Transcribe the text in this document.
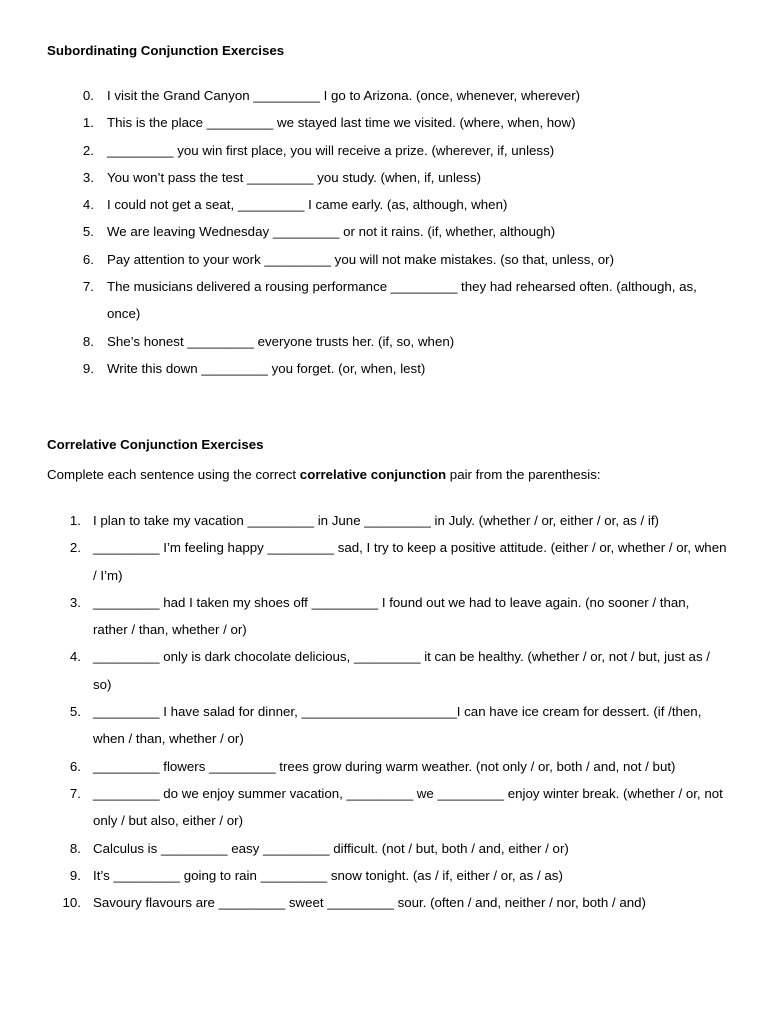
Subordinating Conjunction Exercises
0. I visit the Grand Canyon _________ I go to Arizona. (once, whenever, wherever)
1. This is the place _________ we stayed last time we visited. (where, when, how)
2. _________ you win first place, you will receive a prize. (wherever, if, unless)
3. You won’t pass the test _________ you study. (when, if, unless)
4. I could not get a seat, _________ I came early. (as, although, when)
5. We are leaving Wednesday _________ or not it rains. (if, whether, although)
6. Pay attention to your work _________ you will not make mistakes. (so that, unless, or)
7. The musicians delivered a rousing performance _________ they had rehearsed often. (although, as, once)
8. She’s honest _________ everyone trusts her. (if, so, when)
9. Write this down _________ you forget. (or, when, lest)
Correlative Conjunction Exercises
Complete each sentence using the correct correlative conjunction pair from the parenthesis:
1. I plan to take my vacation _________ in June _________ in July. (whether / or, either / or, as / if)
2. _________ I’m feeling happy _________ sad, I try to keep a positive attitude. (either / or, whether / or, when / I’m)
3. _________ had I taken my shoes off _________ I found out we had to leave again. (no sooner / than, rather / than, whether / or)
4. _________ only is dark chocolate delicious, _________ it can be healthy. (whether / or, not / but, just as / so)
5. _________ I have salad for dinner, _____________________I can have ice cream for dessert. (if /then, when / than, whether / or)
6. _________ flowers _________ trees grow during warm weather. (not only / or, both / and, not / but)
7. _________ do we enjoy summer vacation, _________ we _________ enjoy winter break. (whether / or, not only / but also, either / or)
8. Calculus is _________ easy _________ difficult. (not / but, both / and, either / or)
9. It’s _________ going to rain _________ snow tonight. (as / if, either / or, as / as)
10. Savoury flavours are _________ sweet _________ sour. (often / and, neither / nor, both / and)
